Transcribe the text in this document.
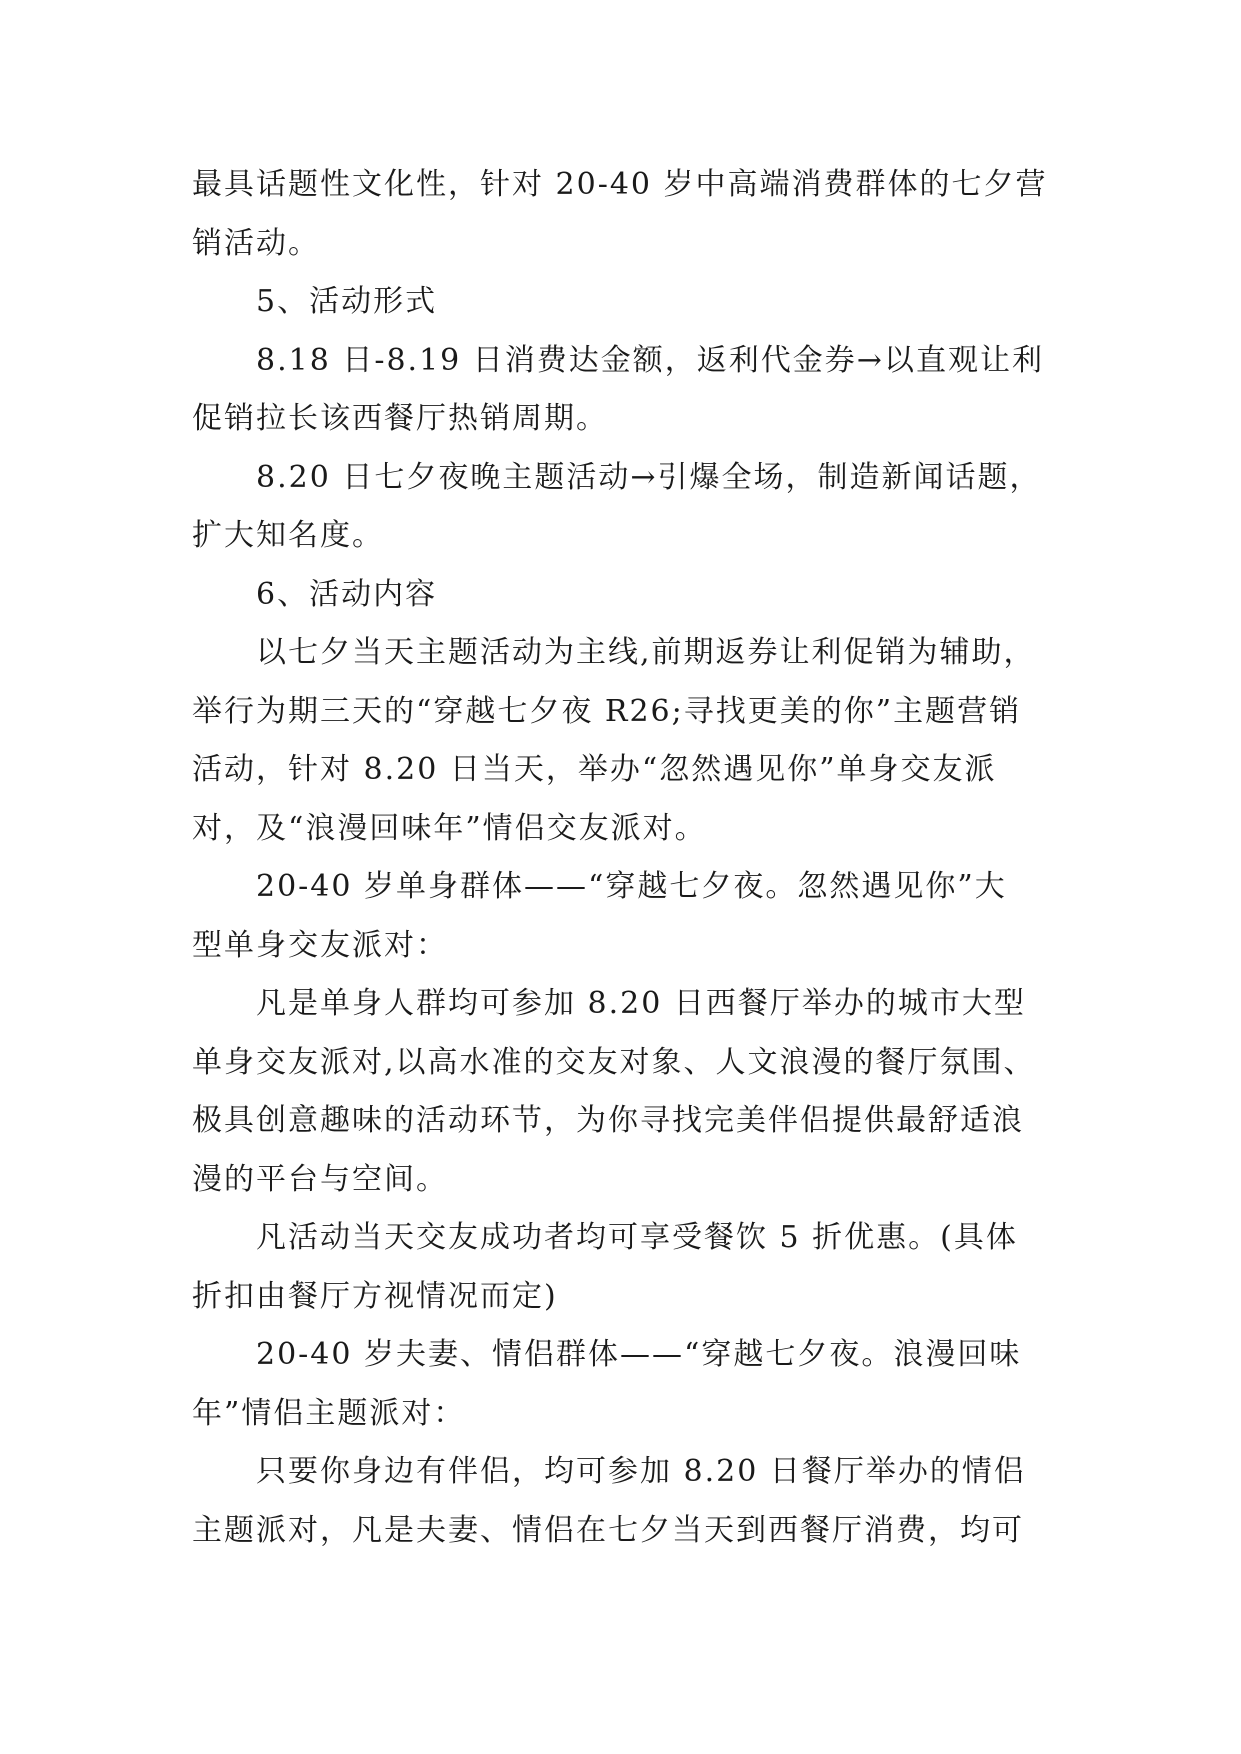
最具话题性文化性，针对 20-40 岁中高端消费群体的七夕营
销活动。
5、活动形式
8.18 日-8.19 日消费达金额，返利代金券→以直观让利
促销拉长该西餐厅热销周期。
8.20 日七夕夜晚主题活动→引爆全场，制造新闻话题，
扩大知名度。
6、活动内容
以七夕当天主题活动为主线,前期返券让利促销为辅助，
举行为期三天的“穿越七夕夜 R26;寻找更美的你”主题营销
活动，针对 8.20 日当天，举办“忽然遇见你”单身交友派
对，及“浪漫回味年”情侣交友派对。
20-40 岁单身群体——“穿越七夕夜。忽然遇见你”大
型单身交友派对：
凡是单身人群均可参加 8.20 日西餐厅举办的城市大型
单身交友派对,以高水准的交友对象、人文浪漫的餐厅氛围、
极具创意趣味的活动环节，为你寻找完美伴侣提供最舒适浪
漫的平台与空间。
凡活动当天交友成功者均可享受餐饮 5 折优惠。(具体
折扣由餐厅方视情况而定)
20-40 岁夫妻、情侣群体——“穿越七夕夜。浪漫回味
年”情侣主题派对：
只要你身边有伴侣，均可参加 8.20 日餐厅举办的情侣
主题派对，凡是夫妻、情侣在七夕当天到西餐厅消费，均可
